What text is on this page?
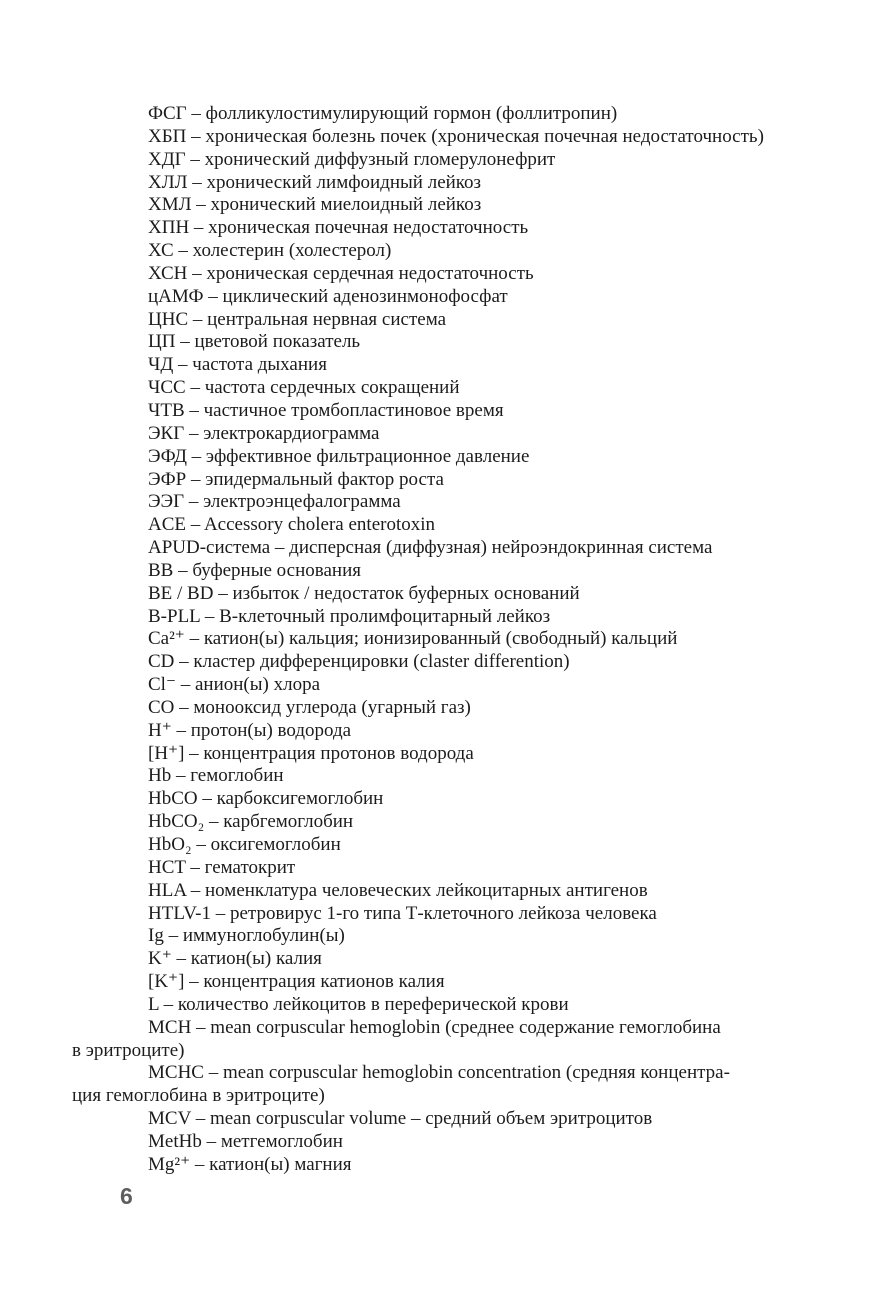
ФСГ – фолликулостимулирующий гормон (фоллитропин)
ХБП – хроническая болезнь почек (хроническая почечная недостаточность)
ХДГ – хронический диффузный гломерулонефрит
ХЛЛ – хронический лимфоидный лейкоз
ХМЛ – хронический миелоидный лейкоз
ХПН – хроническая почечная недостаточность
ХС – холестерин (холестерол)
ХСН – хроническая сердечная недостаточность
цАМФ – циклический аденозинмонофосфат
ЦНС – центральная нервная система
ЦП – цветовой показатель
ЧД – частота дыхания
ЧСС – частота сердечных сокращений
ЧТВ – частичное тромбопластиновое время
ЭКГ – электрокардиограмма
ЭФД – эффективное фильтрационное давление
ЭФР – эпидермальный фактор роста
ЭЭГ – электроэнцефалограмма
ACE – Accessory cholera enterotoxin
APUD-система – дисперсная (диффузная) нейроэндокринная система
ВВ – буферные основания
BE / BD – избыток / недостаток буферных оснований
B-PLL – В-клеточный пролимфоцитарный лейкоз
Ca²⁺ – катион(ы) кальция; ионизированный (свободный) кальций
CD – кластер дифференцировки (claster differention)
Cl⁻ – анион(ы) хлора
CO – монооксид углерода (угарный газ)
H⁺ – протон(ы) водорода
[H⁺] – концентрация протонов водорода
Hb – гемоглобин
HbCO – карбоксигемоглобин
HbCO₂ – карбгемоглобин
HbO₂ – оксигемоглобин
HCT – гематокрит
HLA – номенклатура человеческих лейкоцитарных антигенов
HTLV-1 – ретровирус 1-го типа Т-клеточного лейкоза человека
Ig – иммуноглобулин(ы)
K⁺ – катион(ы) калия
[K⁺] – концентрация катионов калия
L – количество лейкоцитов в переферической крови
MCH – mean corpuscular hemoglobin (среднее содержание гемоглобина
в эритроците)
MCHC – mean corpuscular hemoglobin concentration (средняя концентра-
ция гемоглобина в эритроците)
MCV – mean corpuscular volume – средний объем эритроцитов
MetHb – метгемоглобин
Mg²⁺ – катион(ы) магния
6
